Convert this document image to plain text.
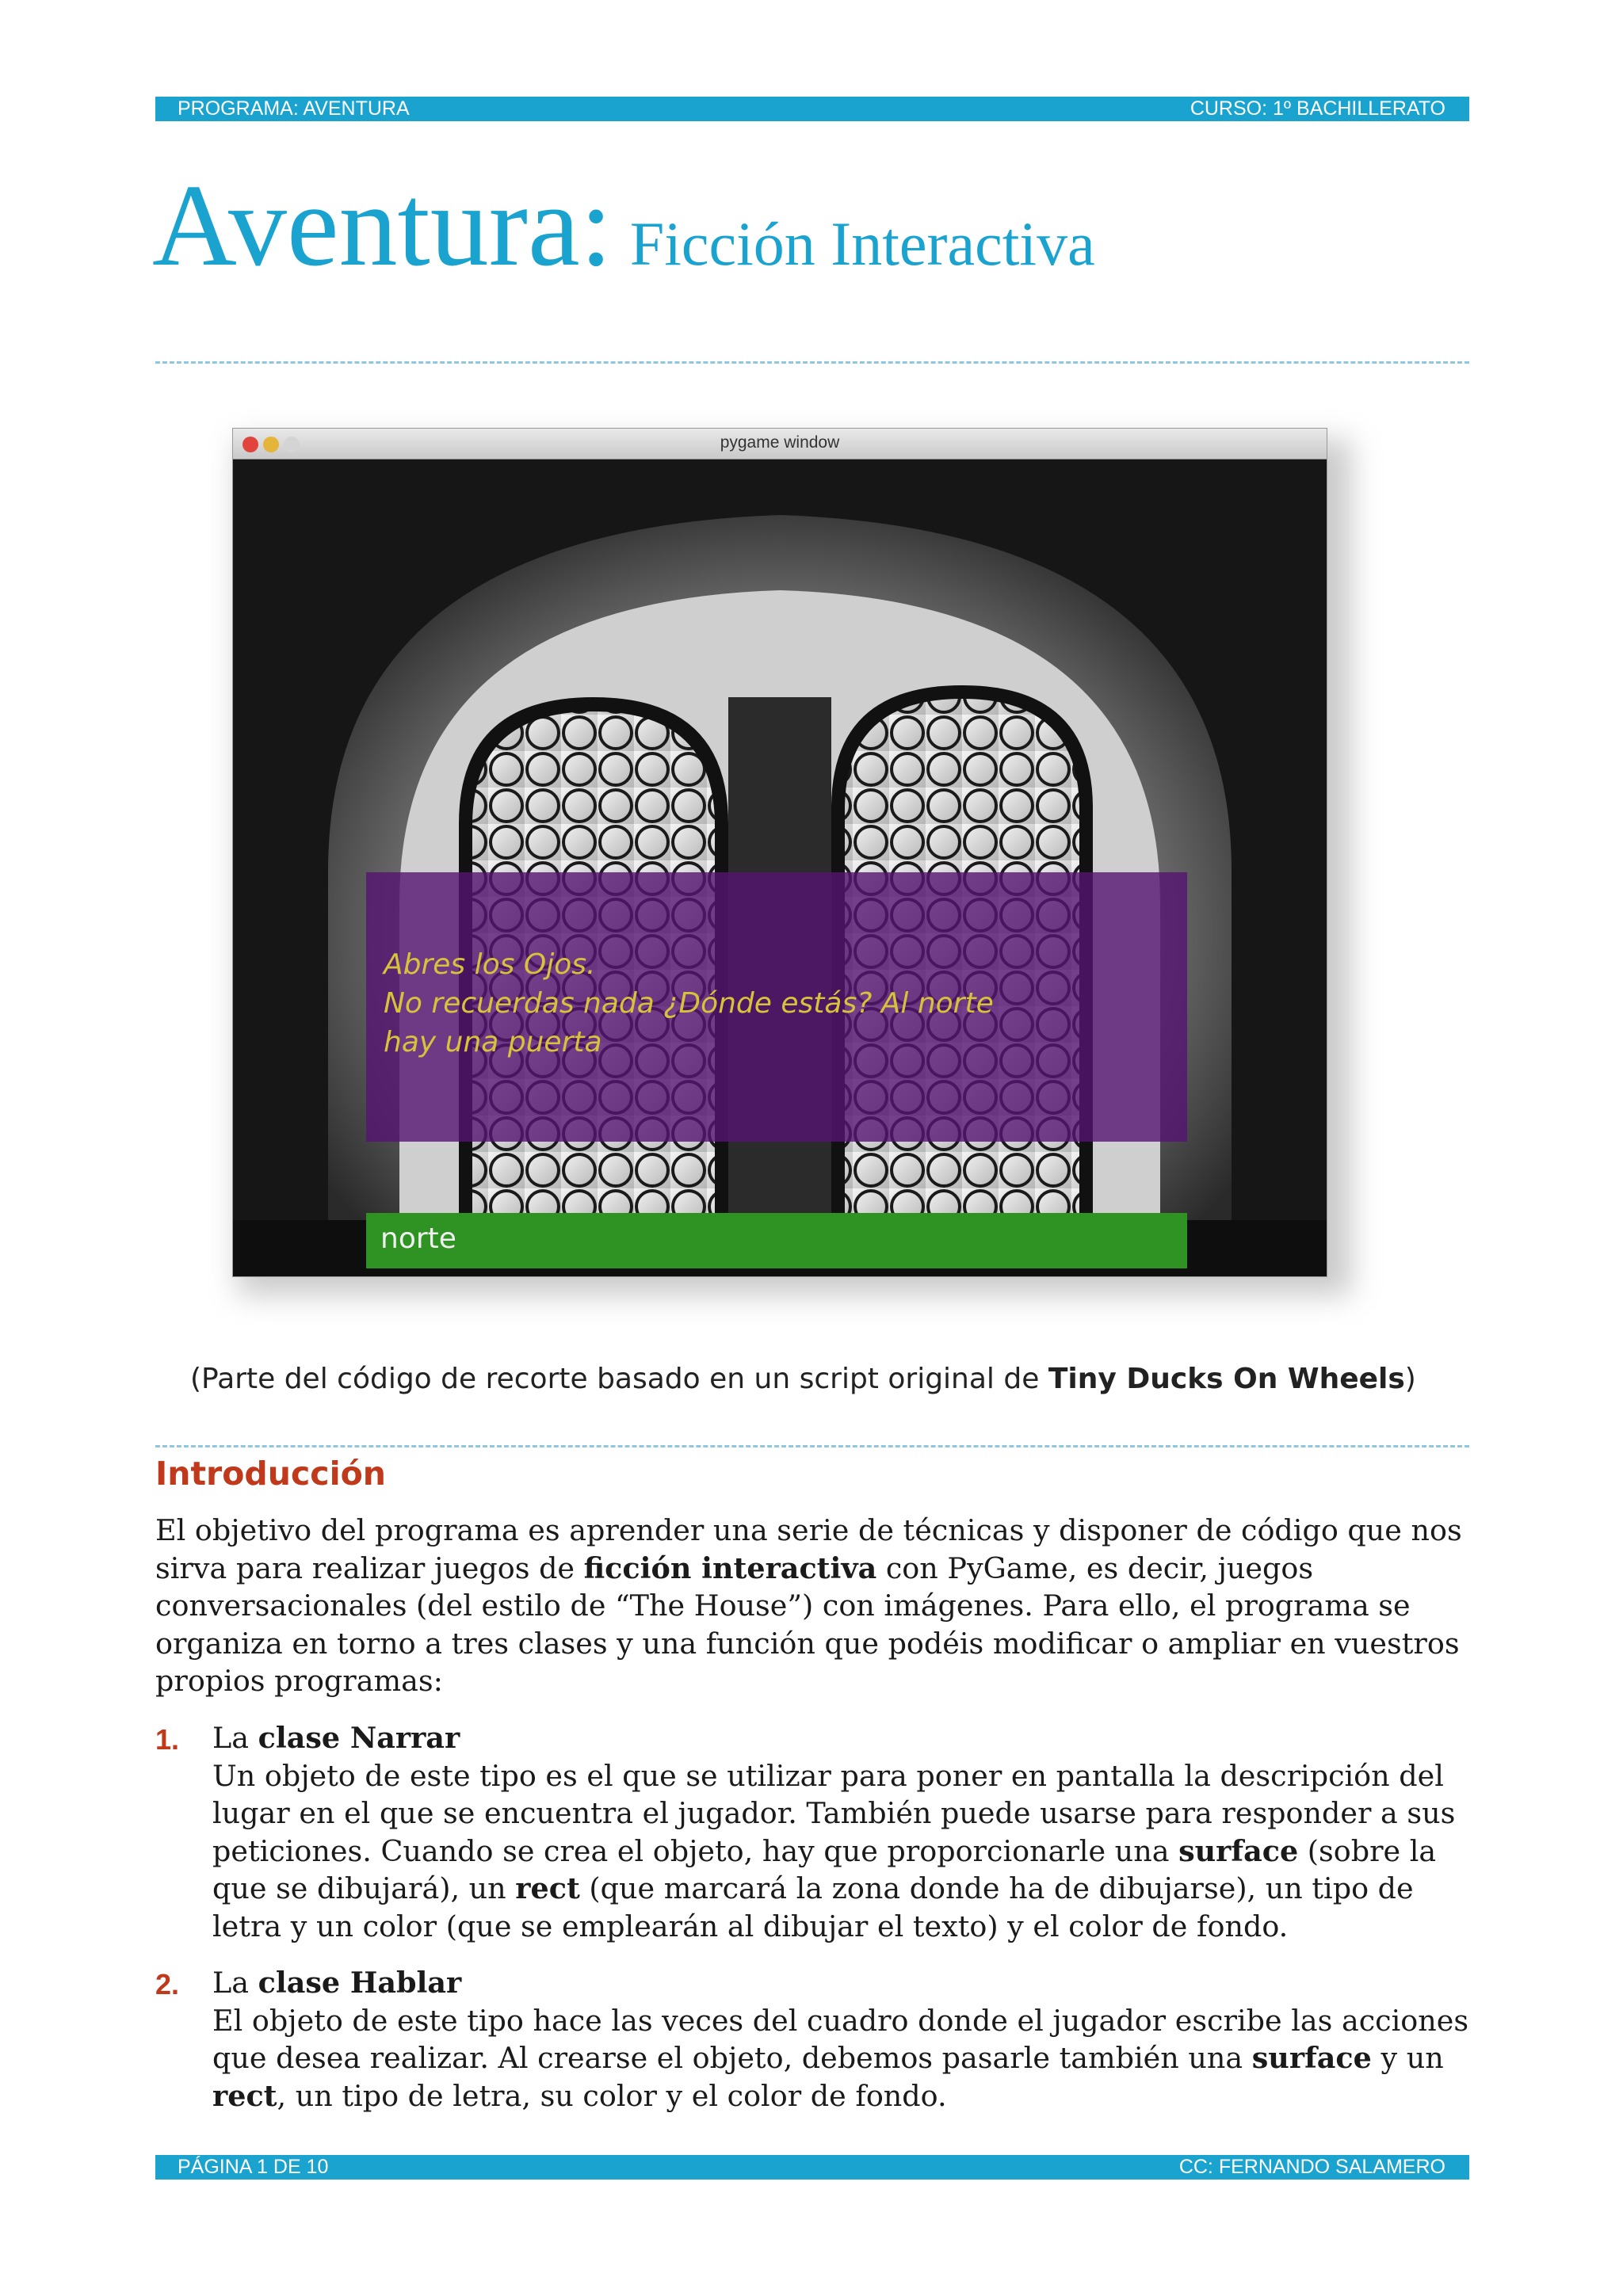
PROGRAMA: AVENTURA	CURSO: 1º BACHILLERATO
Aventura: Ficción Interactiva
pygame window
Abres los Ojos.
No recuerdas nada ¿Dónde estás? Al norte
hay una puerta
norte
(Parte del código de recorte basado en un script original de Tiny Ducks On Wheels)
Introducción
El objetivo del programa es aprender una serie de técnicas y disponer de código que nos sirva para realizar juegos de ficción interactiva con PyGame, es decir, juegos conversacionales (del estilo de “The House”) con imágenes. Para ello, el programa se organiza en torno a tres clases y una función que podéis modificar o ampliar en vuestros propios programas:
1. La clase Narrar
Un objeto de este tipo es el que se utilizar para poner en pantalla la descripción del lugar en el que se encuentra el jugador. También puede usarse para responder a sus peticiones. Cuando se crea el objeto, hay que proporcionarle una surface (sobre la que se dibujará), un rect (que marcará la zona donde ha de dibujarse), un tipo de letra y un color (que se emplearán al dibujar el texto) y el color de fondo.
2. La clase Hablar
El objeto de este tipo hace las veces del cuadro donde el jugador escribe las acciones que desea realizar. Al crearse el objeto, debemos pasarle también una surface y un rect, un tipo de letra, su color y el color de fondo.
PÁGINA 1 DE 10	CC: FERNANDO SALAMERO
